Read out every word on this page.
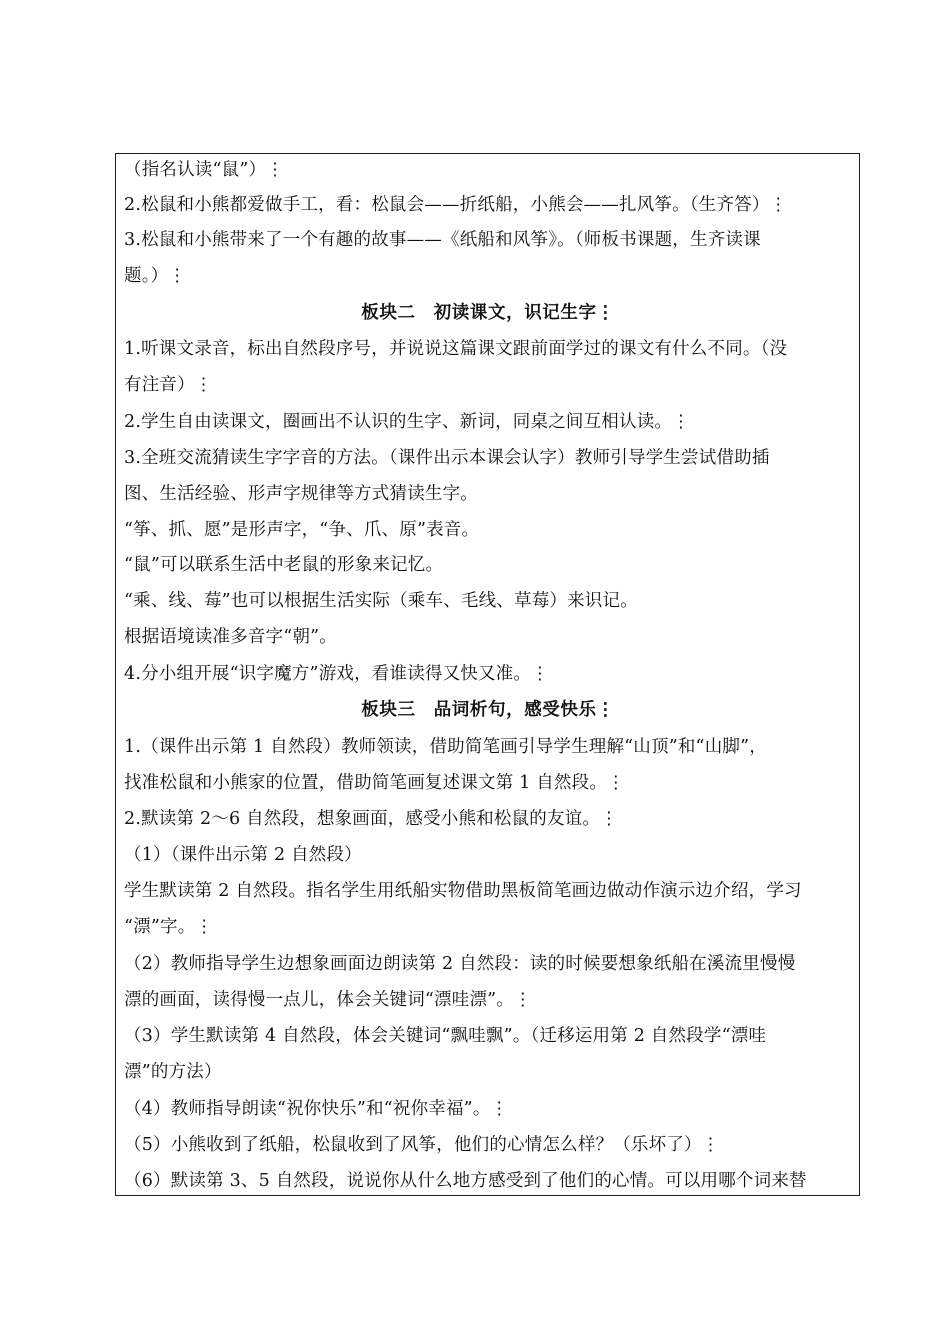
（指名认读“鼠”）⋮
2.松鼠和小熊都爱做手工，看：松鼠会——折纸船，小熊会——扎风筝。（生齐答）⋮
3.松鼠和小熊带来了一个有趣的故事——《纸船和风筝》。（师板书课题，生齐读课
题。）⋮
板块二　初读课文，识记生字⋮
1.听课文录音，标出自然段序号，并说说这篇课文跟前面学过的课文有什么不同。（没
有注音）⋮
2.学生自由读课文，圈画出不认识的生字、新词，同桌之间互相认读。⋮
3.全班交流猜读生字字音的方法。（课件出示本课会认字）教师引导学生尝试借助插
图、生活经验、形声字规律等方式猜读生字。
“筝、抓、愿”是形声字，“争、爪、原”表音。
“鼠”可以联系生活中老鼠的形象来记忆。
“乘、线、莓”也可以根据生活实际（乘车、毛线、草莓）来识记。
根据语境读准多音字“朝”。
4.分小组开展“识字魔方”游戏，看谁读得又快又准。⋮
板块三　品词析句，感受快乐⋮
1.（课件出示第 1 自然段）教师领读，借助简笔画引导学生理解“山顶”和“山脚”，
找准松鼠和小熊家的位置，借助简笔画复述课文第 1 自然段。⋮
2.默读第 2～6 自然段，想象画面，感受小熊和松鼠的友谊。⋮
（1）（课件出示第 2 自然段）
学生默读第 2 自然段。指名学生用纸船实物借助黑板简笔画边做动作演示边介绍，学习
“漂”字。⋮
（2）教师指导学生边想象画面边朗读第 2 自然段：读的时候要想象纸船在溪流里慢慢
漂的画面，读得慢一点儿，体会关键词“漂哇漂”。⋮
（3）学生默读第 4 自然段，体会关键词“飘哇飘”。（迁移运用第 2 自然段学“漂哇
漂”的方法）
（4）教师指导朗读“祝你快乐”和“祝你幸福”。⋮
（5）小熊收到了纸船，松鼠收到了风筝，他们的心情怎么样？（乐坏了）⋮
（6）默读第 3、5 自然段，说说你从什么地方感受到了他们的心情。可以用哪个词来替
